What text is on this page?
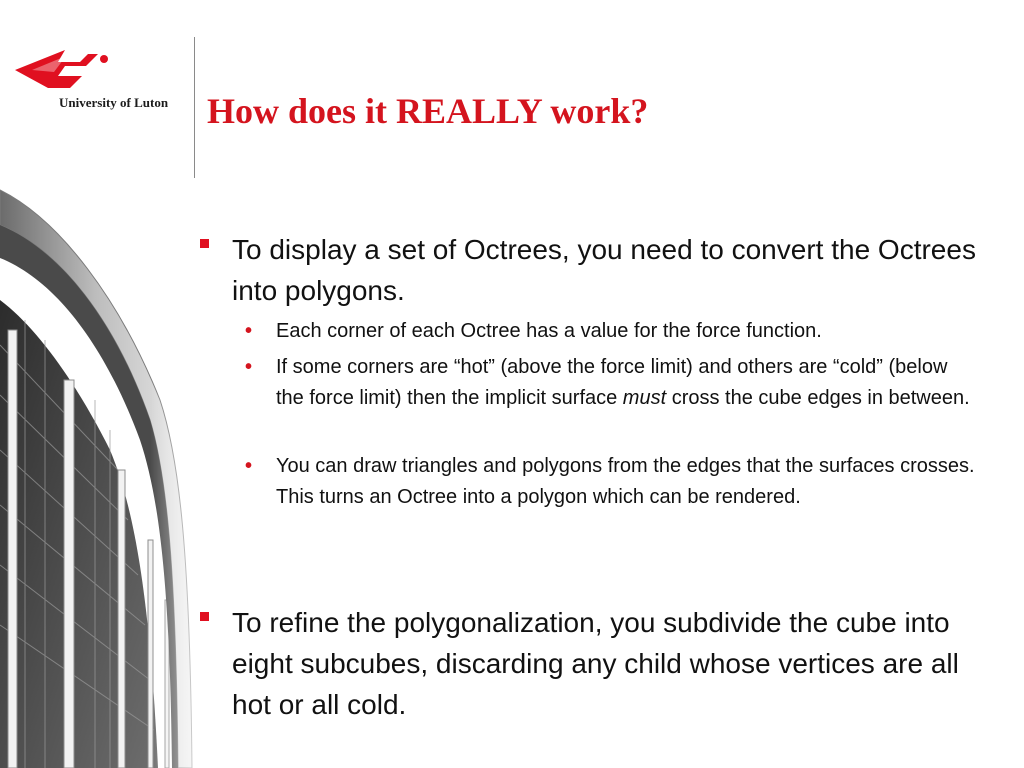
University of Luton How does it REALLY work?
To display a set of Octrees, you need to convert the Octrees into polygons.
• Each corner of each Octree has a value for the force function.
• If some corners are “hot” (above the force limit) and others are “cold” (below the force limit) then the implicit surface must cross the cube edges in between.
• You can draw triangles and polygons from the edges that the surfaces crosses. This turns an Octree into a polygon which can be rendered.
To refine the polygonalization, you subdivide the cube into eight subcubes, discarding any child whose vertices are all hot or all cold.
